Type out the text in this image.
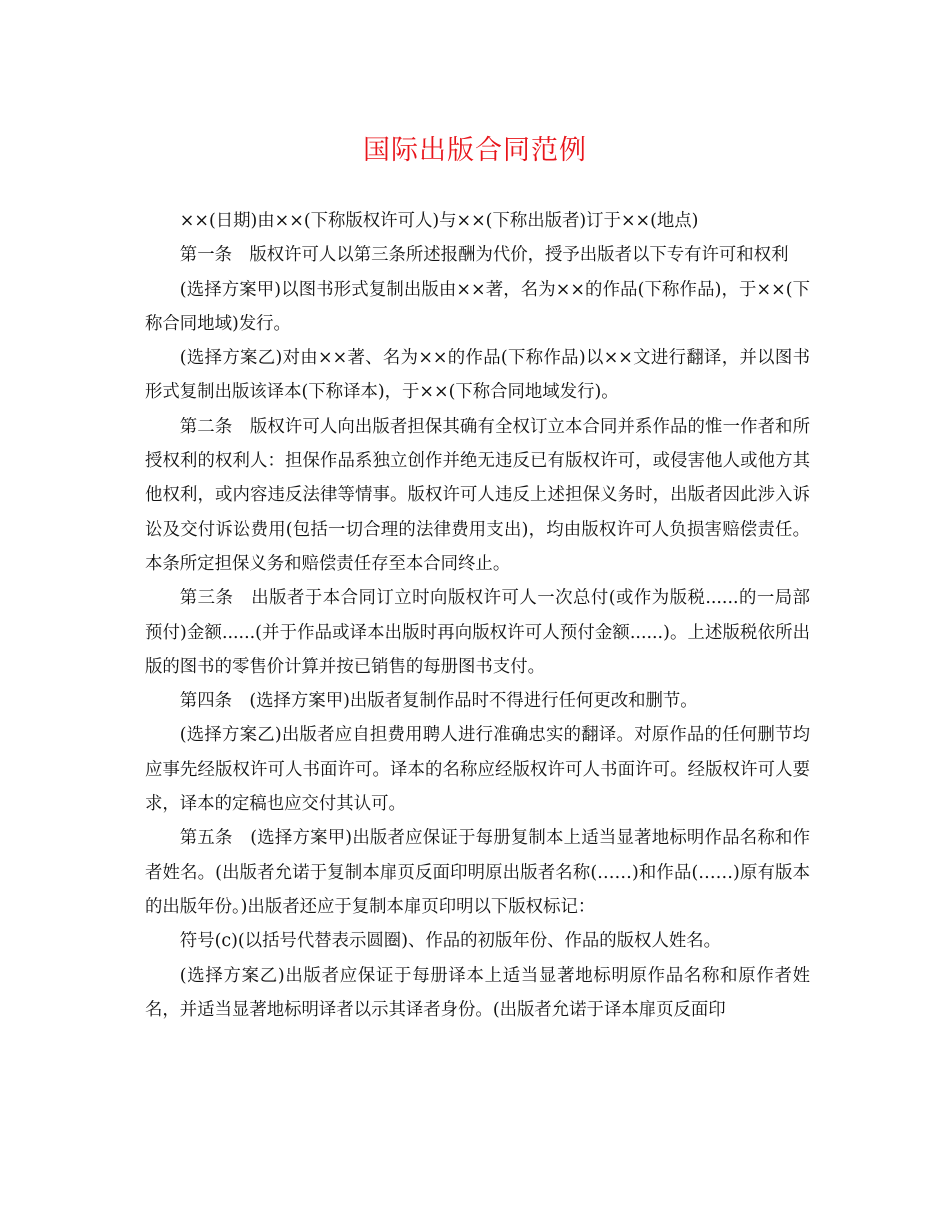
国际出版合同范例

××(日期)由××(下称版权许可人)与××(下称出版者)订于××(地点)

第一条　版权许可人以第三条所述报酬为代价，授予出版者以下专有许可和权利

(选择方案甲)以图书形式复制出版由××著，名为××的作品(下称作品)，于××(下称合同地域)发行。

(选择方案乙)对由××著、名为××的作品(下称作品)以××文进行翻译，并以图书形式复制出版该译本(下称译本)，于××(下称合同地域发行)。

第二条　版权许可人向出版者担保其确有全权订立本合同并系作品的惟一作者和所授权利的权利人：担保作品系独立创作并绝无违反已有版权许可，或侵害他人或他方其他权利，或内容违反法律等情事。版权许可人违反上述担保义务时，出版者因此涉入诉讼及交付诉讼费用(包括一切合理的法律费用支出)，均由版权许可人负损害赔偿责任。本条所定担保义务和赔偿责任存至本合同终止。

第三条　出版者于本合同订立时向版权许可人一次总付(或作为版税......的一局部预付)金额......(并于作品或译本出版时再向版权许可人预付金额......)。上述版税依所出版的图书的零售价计算并按已销售的每册图书支付。

第四条　(选择方案甲)出版者复制作品时不得进行任何更改和删节。

(选择方案乙)出版者应自担费用聘人进行准确忠实的翻译。对原作品的任何删节均应事先经版权许可人书面许可。译本的名称应经版权许可人书面许可。经版权许可人要求，译本的定稿也应交付其认可。

第五条　(选择方案甲)出版者应保证于每册复制本上适当显著地标明作品名称和作者姓名。(出版者允诺于复制本扉页反面印明原出版者名称(……)和作品(……)原有版本的出版年份。)出版者还应于复制本扉页印明以下版权标记：

符号(c)(以括号代替表示圆圈)、作品的初版年份、作品的版权人姓名。

(选择方案乙)出版者应保证于每册译本上适当显著地标明原作品名称和原作者姓名，并适当显著地标明译者以示其译者身份。(出版者允诺于译本扉页反面印
